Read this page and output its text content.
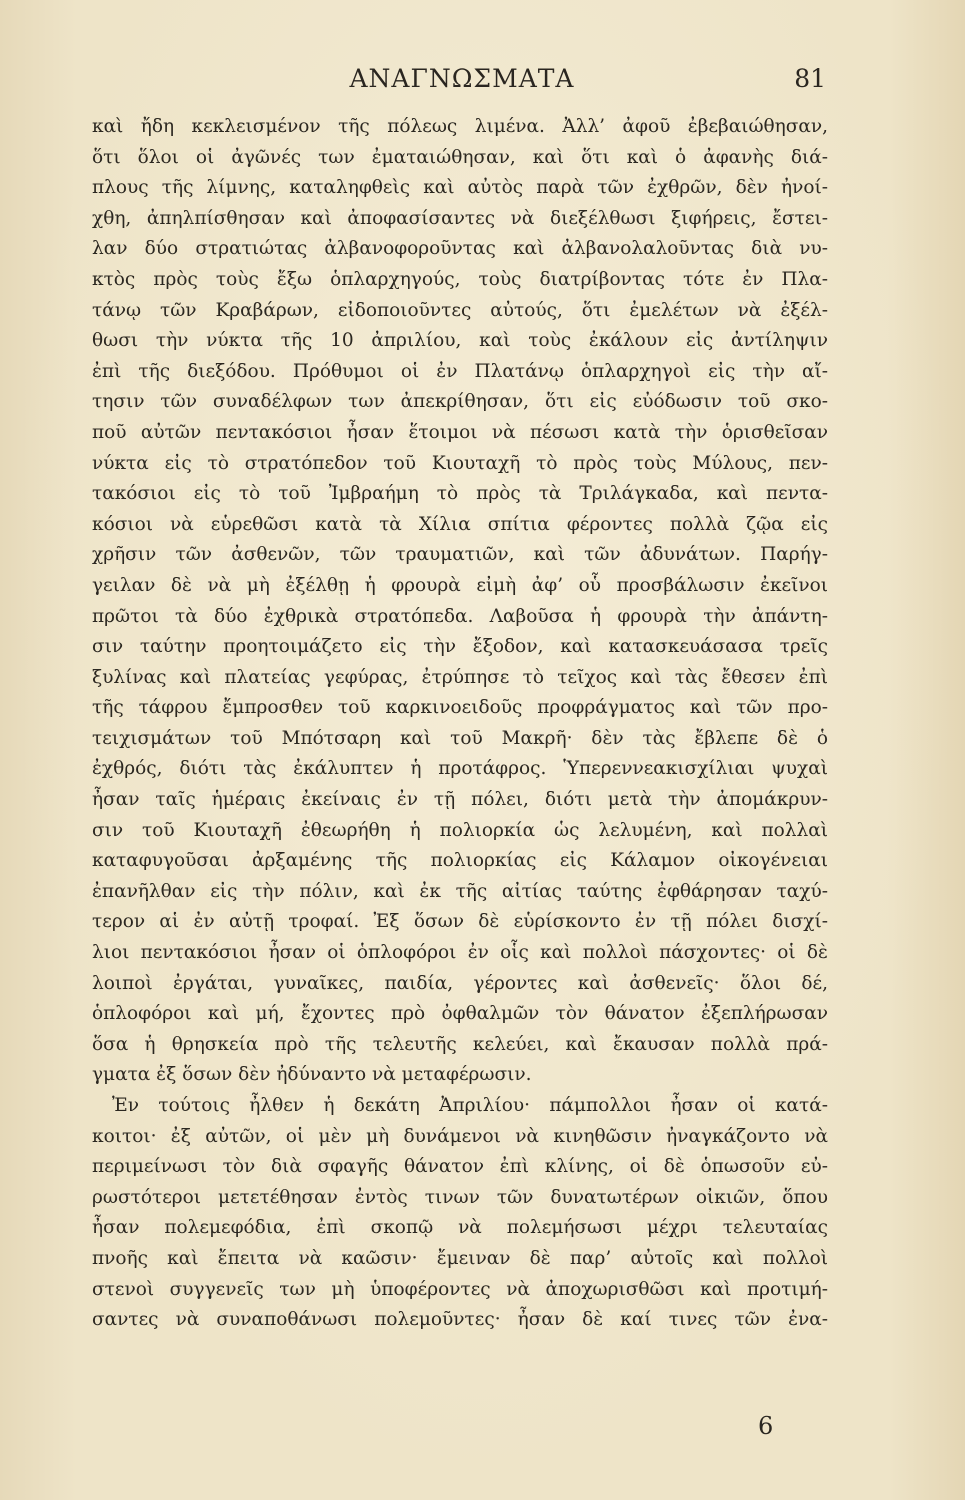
ΑΝΑΓΝΩΣΜΑΤΑ	81
καὶ ἤδη κεκλεισμένον τῆς πόλεως λιμένα. Ἀλλ’ ἀφοῦ ἐβεβαιώθησαν,
ὅτι ὅλοι οἱ ἀγῶνές των ἐματαιώθησαν, καὶ ὅτι καὶ ὁ ἀφανὴς διά-
πλους τῆς λίμνης, καταληφθεὶς καὶ αὐτὸς παρὰ τῶν ἐχθρῶν, δὲν ἠνοί-
χθη, ἀπηλπίσθησαν καὶ ἀποφασίσαντες νὰ διεξέλθωσι ξιφήρεις, ἔστει-
λαν δύο στρατιώτας ἀλβανοφοροῦντας καὶ ἀλβανολαλοῦντας διὰ νυ-
κτὸς πρὸς τοὺς ἔξω ὁπλαρχηγούς, τοὺς διατρίβοντας τότε ἐν Πλα-
τάνῳ τῶν Κραβάρων, εἰδοποιοῦντες αὐτούς, ὅτι ἐμελέτων νὰ ἐξέλ-
θωσι τὴν νύκτα τῆς 10 ἀπριλίου, καὶ τοὺς ἐκάλουν εἰς ἀντίληψιν
ἐπὶ τῆς διεξόδου. Πρόθυμοι οἱ ἐν Πλατάνῳ ὁπλαρχηγοὶ εἰς τὴν αἴ-
τησιν τῶν συναδέλφων των ἀπεκρίθησαν, ὅτι εἰς εὐόδωσιν τοῦ σκο-
ποῦ αὐτῶν πεντακόσιοι ἦσαν ἕτοιμοι νὰ πέσωσι κατὰ τὴν ὁρισθεῖσαν
νύκτα εἰς τὸ στρατόπεδον τοῦ Κιουταχῆ τὸ πρὸς τοὺς Μύλους, πεν-
τακόσιοι εἰς τὸ τοῦ Ἰμβραήμη τὸ πρὸς τὰ Τριλάγκαδα, καὶ πεντα-
κόσιοι νὰ εὑρεθῶσι κατὰ τὰ Χίλια σπίτια φέροντες πολλὰ ζῷα εἰς
χρῆσιν τῶν ἀσθενῶν, τῶν τραυματιῶν, καὶ τῶν ἀδυνάτων. Παρήγ-
γειλαν δὲ νὰ μὴ ἐξέλθῃ ἡ φρουρὰ εἰμὴ ἀφ’ οὗ προσβάλωσιν ἐκεῖνοι
πρῶτοι τὰ δύο ἐχθρικὰ στρατόπεδα. Λαβοῦσα ἡ φρουρὰ τὴν ἀπάντη-
σιν ταύτην προητοιμάζετο εἰς τὴν ἔξοδον, καὶ κατασκευάσασα τρεῖς
ξυλίνας καὶ πλατείας γεφύρας, ἐτρύπησε τὸ τεῖχος καὶ τὰς ἔθεσεν ἐπὶ
τῆς τάφρου ἔμπροσθεν τοῦ καρκινοειδοῦς προφράγματος καὶ τῶν προ-
τειχισμάτων τοῦ Μπότσαρη καὶ τοῦ Μακρῆ· δὲν τὰς ἔβλεπε δὲ ὁ
ἐχθρός, διότι τὰς ἐκάλυπτεν ἡ προτάφρος. Ὑπερεννεακισχίλιαι ψυχαὶ
ἦσαν ταῖς ἡμέραις ἐκείναις ἐν τῇ πόλει, διότι μετὰ τὴν ἀπομάκρυν-
σιν τοῦ Κιουταχῆ ἐθεωρήθη ἡ πολιορκία ὡς λελυμένη, καὶ πολλαὶ
καταφυγοῦσαι ἀρξαμένης τῆς πολιορκίας εἰς Κάλαμον οἰκογένειαι
ἐπανῆλθαν εἰς τὴν πόλιν, καὶ ἐκ τῆς αἰτίας ταύτης ἐφθάρησαν ταχύ-
τερον αἱ ἐν αὐτῇ τροφαί. Ἐξ ὅσων δὲ εὑρίσκοντο ἐν τῇ πόλει δισχί-
λιοι πεντακόσιοι ἦσαν οἱ ὁπλοφόροι ἐν οἷς καὶ πολλοὶ πάσχοντες· οἱ δὲ
λοιποὶ ἐργάται, γυναῖκες, παιδία, γέροντες καὶ ἀσθενεῖς· ὅλοι δέ,
ὁπλοφόροι καὶ μή, ἔχοντες πρὸ ὀφθαλμῶν τὸν θάνατον ἐξεπλήρωσαν
ὅσα ἡ θρησκεία πρὸ τῆς τελευτῆς κελεύει, καὶ ἔκαυσαν πολλὰ πρά-
γματα ἐξ ὅσων δὲν ἠδύναντο νὰ μεταφέρωσιν.
Ἐν τούτοις ἦλθεν ἡ δεκάτη Ἀπριλίου· πάμπολλοι ἦσαν οἱ κατά-
κοιτοι· ἐξ αὐτῶν, οἱ μὲν μὴ δυνάμενοι νὰ κινηθῶσιν ἠναγκάζοντο νὰ
περιμείνωσι τὸν διὰ σφαγῆς θάνατον ἐπὶ κλίνης, οἱ δὲ ὁπωσοῦν εὐ-
ρωστότεροι μετετέθησαν ἐντὸς τινων τῶν δυνατωτέρων οἰκιῶν, ὅπου
ἦσαν πολεμεφόδια, ἐπὶ σκοπῷ νὰ πολεμήσωσι μέχρι τελευταίας
πνοῆς καὶ ἔπειτα νὰ καῶσιν· ἔμειναν δὲ παρ’ αὐτοῖς καὶ πολλοὶ
στενοὶ συγγενεῖς των μὴ ὑποφέροντες νὰ ἀποχωρισθῶσι καὶ προτιμή-
σαντες νὰ συναποθάνωσι πολεμοῦντες· ἦσαν δὲ καί τινες τῶν ἐνα-
6
